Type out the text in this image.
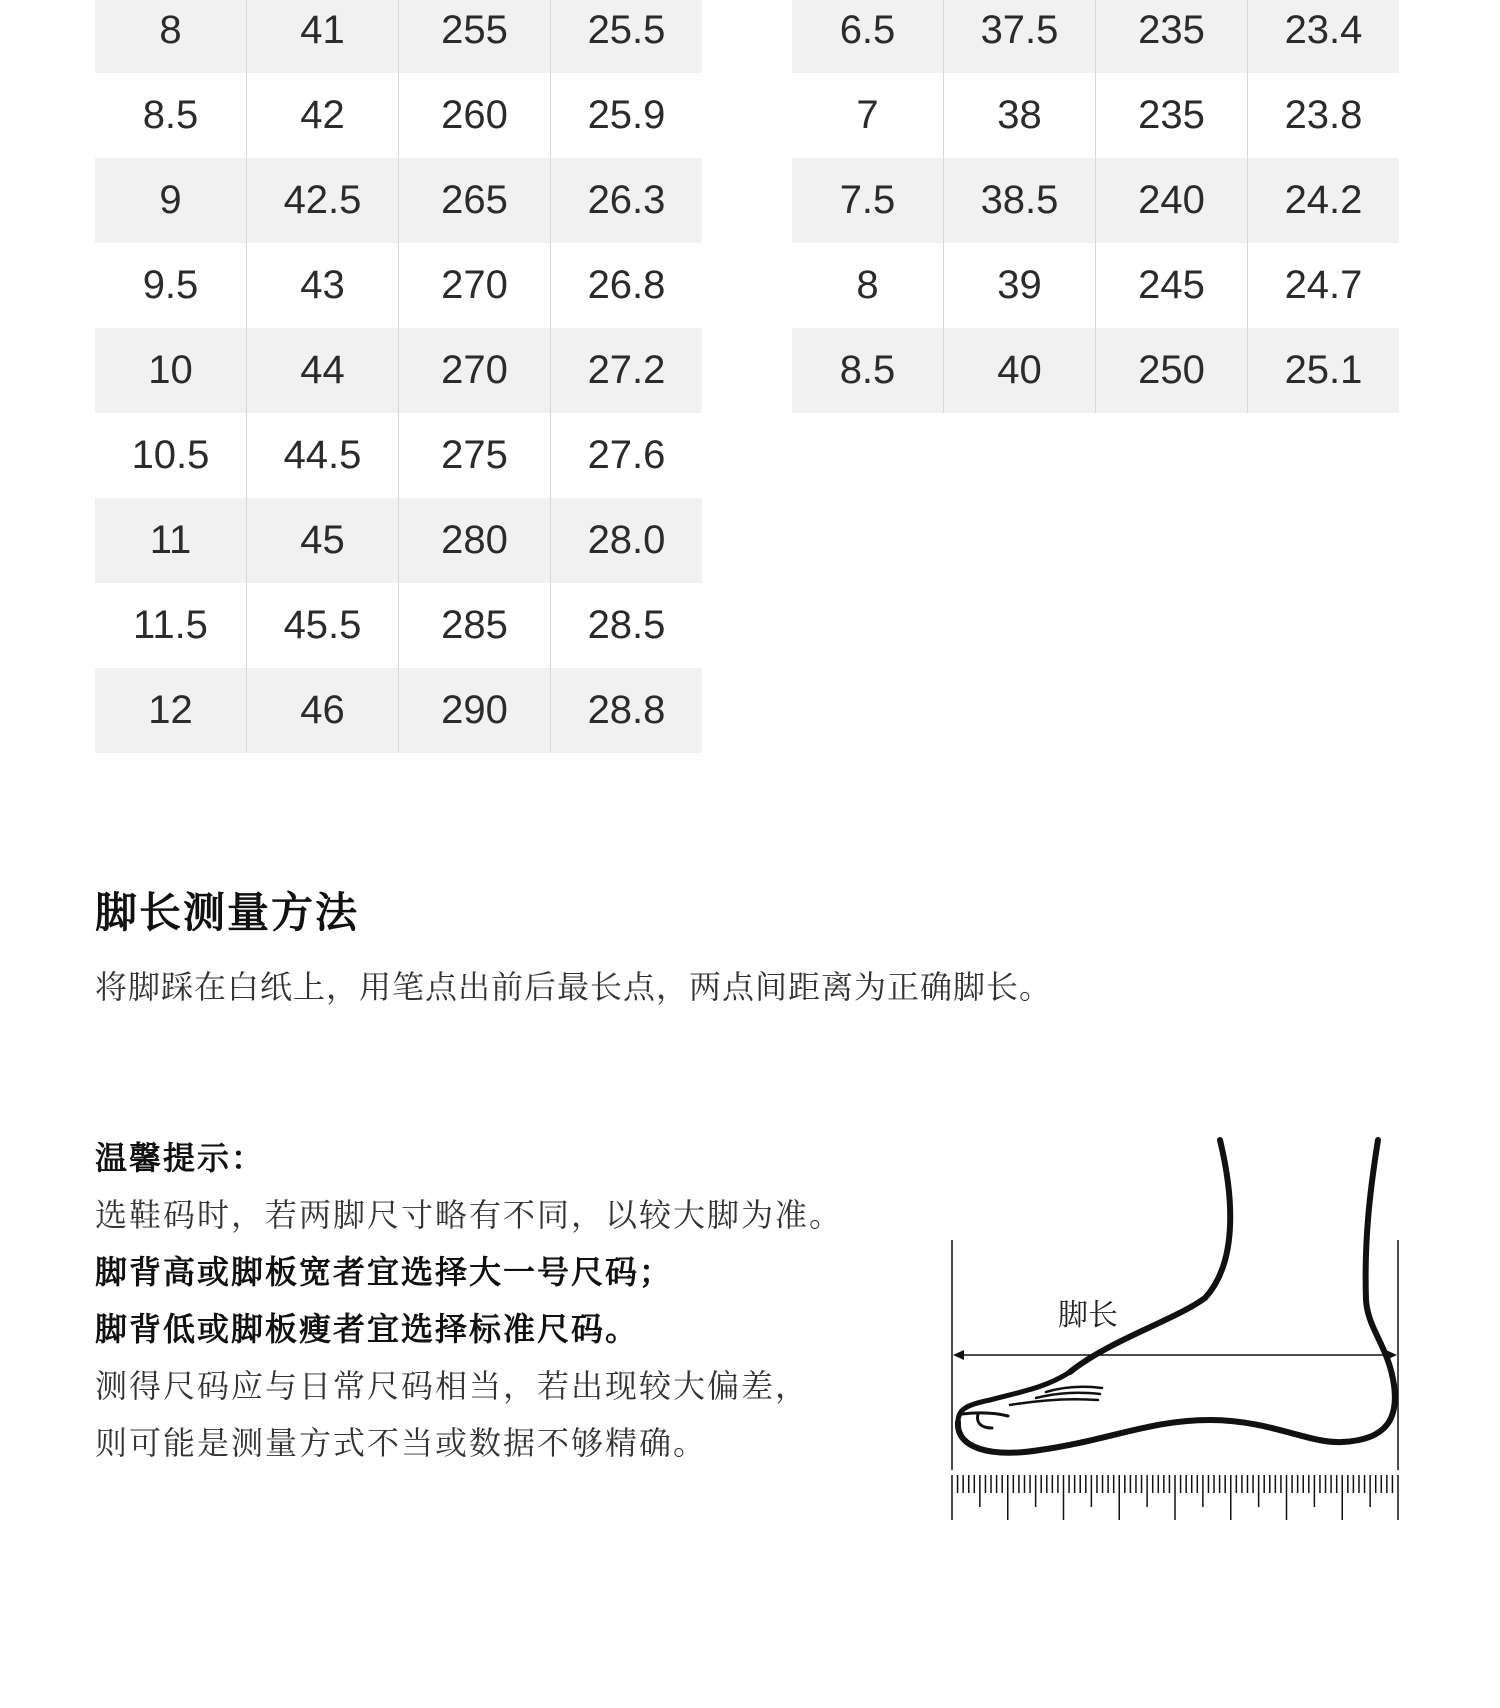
8	41	255	25.5
8.5	42	260	25.9
9	42.5	265	26.3
9.5	43	270	26.8
10	44	270	27.2
10.5	44.5	275	27.6
11	45	280	28.0
11.5	45.5	285	28.5
12	46	290	28.8
6.5	37.5	235	23.4
7	38	235	23.8
7.5	38.5	240	24.2
8	39	245	24.7
8.5	40	250	25.1
脚长测量方法

将脚踩在白纸上，用笔点出前后最长点，两点间距离为正确脚长。

温馨提示：
选鞋码时，若两脚尺寸略有不同，以较大脚为准。
脚背高或脚板宽者宜选择大一号尺码；
脚背低或脚板瘦者宜选择标准尺码。
测得尺码应与日常尺码相当，若出现较大偏差，
则可能是测量方式不当或数据不够精确。
脚长
